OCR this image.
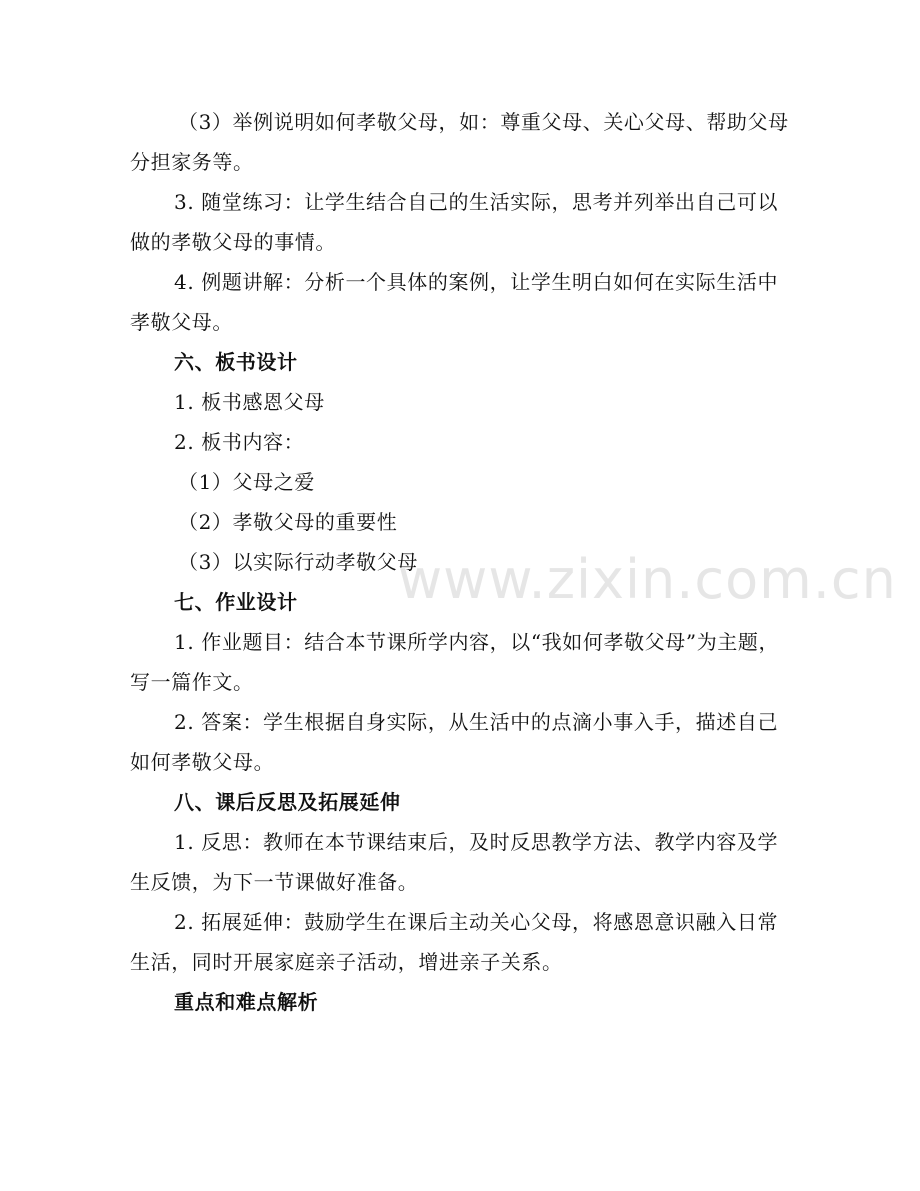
（3）举例说明如何孝敬父母，如：尊重父母、关心父母、帮助父母分担家务等。

3. 随堂练习：让学生结合自己的生活实际，思考并列举出自己可以做的孝敬父母的事情。

4. 例题讲解：分析一个具体的案例，让学生明白如何在实际生活中孝敬父母。

六、板书设计

1. 板书感恩父母

2. 板书内容：

（1）父母之爱

（2）孝敬父母的重要性

（3）以实际行动孝敬父母

七、作业设计

1. 作业题目：结合本节课所学内容，以“我如何孝敬父母”为主题，写一篇作文。

2. 答案：学生根据自身实际，从生活中的点滴小事入手，描述自己如何孝敬父母。

八、课后反思及拓展延伸

1. 反思：教师在本节课结束后，及时反思教学方法、教学内容及学生反馈，为下一节课做好准备。

2. 拓展延伸：鼓励学生在课后主动关心父母，将感恩意识融入日常生活，同时开展家庭亲子活动，增进亲子关系。

重点和难点解析

www.zixin.com.cn
